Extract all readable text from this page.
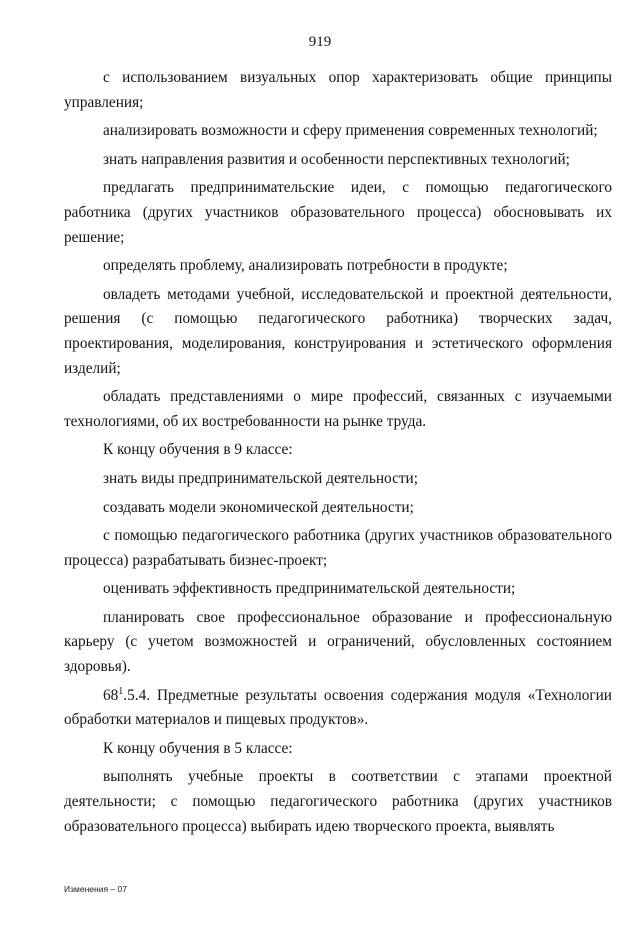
919

с использованием визуальных опор характеризовать общие принципы управления;

анализировать возможности и сферу применения современных технологий;

знать направления развития и особенности перспективных технологий;

предлагать предпринимательские идеи, с помощью педагогического работника (других участников образовательного процесса) обосновывать их решение;

определять проблему, анализировать потребности в продукте;

овладеть методами учебной, исследовательской и проектной деятельности, решения (с помощью педагогического работника) творческих задач, проектирования, моделирования, конструирования и эстетического оформления изделий;

обладать представлениями о мире профессий, связанных с изучаемыми технологиями, об их востребованности на рынке труда.

К концу обучения в 9 классе:

знать виды предпринимательской деятельности;

создавать модели экономической деятельности;

с помощью педагогического работника (других участников образовательного процесса) разрабатывать бизнес-проект;

оценивать эффективность предпринимательской деятельности;

планировать свое профессиональное образование и профессиональную карьеру (с учетом возможностей и ограничений, обусловленных состоянием здоровья).

$68^1.5.4$. Предметные результаты освоения содержания модуля «Технологии обработки материалов и пищевых продуктов».

К концу обучения в 5 классе:

выполнять учебные проекты в соответствии с этапами проектной деятельности; с помощью педагогического работника (других участников образовательного процесса) выбирать идею творческого проекта, выявлять

Изменения – 07
